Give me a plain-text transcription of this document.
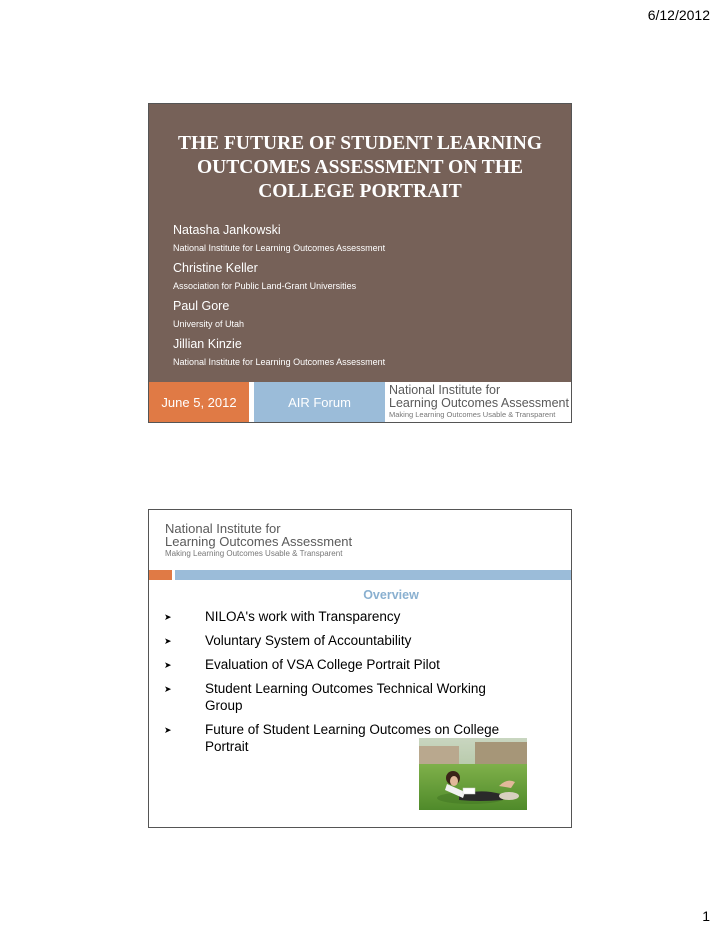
6/12/2012
THE FUTURE OF STUDENT LEARNING OUTCOMES ASSESSMENT ON THE COLLEGE PORTRAIT
Natasha Jankowski
National Institute for Learning Outcomes Assessment
Christine Keller
Association for Public Land-Grant Universities
Paul Gore
University of Utah
Jillian Kinzie
National Institute for Learning Outcomes Assessment
June 5, 2012	AIR Forum
National Institute for
Learning Outcomes Assessment
Making Learning Outcomes Usable & Transparent
National Institute for
Learning Outcomes Assessment
Making Learning Outcomes Usable & Transparent
Overview
➤ NILOA's work with Transparency
➤ Voluntary System of Accountability
➤ Evaluation of VSA College Portrait Pilot
➤ Student Learning Outcomes Technical Working Group
➤ Future of Student Learning Outcomes on College Portrait
1
